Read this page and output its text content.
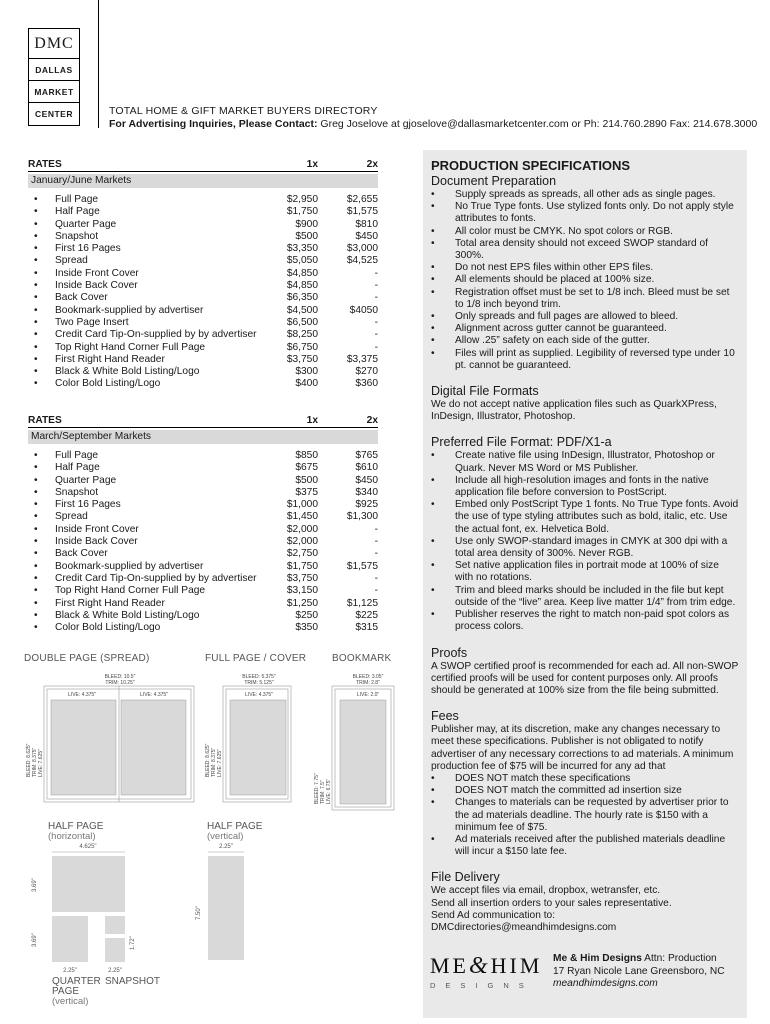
DMC
DALLAS
MARKET
CENTER	TOTAL HOME & GIFT MARKET BUYERS DIRECTORY
For Advertising Inquiries, Please Contact: Greg Joselove at gjoselove@dallasmarketcenter.com or Ph: 214.760.2890 Fax: 214.678.3000
RATES	1x	2x
January/June Markets
•	Full Page	$2,950	$2,655
•	Half Page	$1,750	$1,575
•	Quarter Page	$900	$810
•	Snapshot	$500	$450
•	First 16 Pages	$3,350	$3,000
•	Spread	$5,050	$4,525
•	Inside Front Cover	$4,850	-
•	Inside Back Cover	$4,850	-
•	Back Cover	$6,350	-
•	Bookmark-supplied by advertiser	$4,500	$4050
•	Two Page Insert	$6,500	-
•	Credit Card Tip-On-supplied by by advertiser	$8,250	-
•	Top Right Hand Corner Full Page	$6,750	-
•	First Right Hand Reader	$3,750	$3,375
•	Black & White Bold Listing/Logo	$300	$270
•	Color Bold Listing/Logo	$400	$360
RATES	1x	2x
March/September Markets
•	Full Page	$850	$765
•	Half Page	$675	$610
•	Quarter Page	$500	$450
•	Snapshot	$375	$340
•	First 16 Pages	$1,000	$925
•	Spread	$1,450	$1,300
•	Inside Front Cover	$2,000	-
•	Inside Back Cover	$2,000	-
•	Back Cover	$2,750	-
•	Bookmark-supplied by advertiser	$1,750	$1,575
•	Credit Card Tip-On-supplied by by advertiser	$3,750	-
•	Top Right Hand Corner Full Page	$3,150	-
•	First Right Hand Reader	$1,250	$1,125
•	Black & White Bold Listing/Logo	$250	$225
•	Color Bold Listing/Logo	$350	$315
DOUBLE PAGE (SPREAD)	FULL PAGE / COVER	BOOKMARK
BLEED: 10.5"
TRIM: 10.25"
LIVE: 4.375"	LIVE: 4.375"
BLEED: 8.625" TRIM: 8.375" LIVE: 7.625"
BLEED: 5.375"
TRIM: 5.125"
LIVE: 4.375"
BLEED: 8.625" TRIM: 8.375" LIVE: 7.625"
BLEED: 3.05"
TRIM: 2.8"
LIVE: 2.0"
BLEED: 7.75" TRIM: 7.5" LIVE: 6.75"
HALF PAGE
(horizontal)
HALF PAGE
(vertical)
4.625"
3.69"
3.69"	1.72"
2.25"	2.25"
2.25"
7.50"
QUARTER
PAGE
(vertical)
SNAPSHOT
PRODUCTION SPECIFICATIONS
Document Preparation
• Supply spreads as spreads, all other ads as single pages.
• No True Type fonts. Use stylized fonts only. Do not apply style attributes to fonts.
• All color must be CMYK. No spot colors or RGB.
• Total area density should not exceed SWOP standard of 300%.
• Do not nest EPS files within other EPS files.
• All elements should be placed at 100% size.
• Registration offset must be set to 1/8 inch. Bleed must be set to 1/8 inch beyond trim.
• Only spreads and full pages are allowed to bleed.
• Alignment across gutter cannot be guaranteed.
• Allow .25” safety on each side of the gutter.
• Files will print as supplied. Legibility of reversed type under 10 pt. cannot be guaranteed.
Digital File Formats

We do not accept native application files such as QuarkXPress, InDesign, Illustrator, Photoshop.

Preferred File Format: PDF/X1-a
• Create native file using InDesign, Illustrator, Photoshop or Quark. Never MS Word or MS Publisher.
• Include all high-resolution images and fonts in the native application file before conversion to PostScript.
• Embed only PostScript Type 1 fonts. No True Type fonts. Avoid the use of type styling attributes such as bold, italic, etc. Use the actual font, ex. Helvetica Bold.
• Use only SWOP-standard images in CMYK at 300 dpi with a total area density of 300%. Never RGB.
• Set native application files in portrait mode at 100% of size with no rotations.
• Trim and bleed marks should be included in the file but kept outside of the “live” area. Keep live matter 1/4” from trim edge.
• Publisher reserves the right to match non-paid spot colors as process colors.
Proofs

A SWOP certified proof is recommended for each ad. All non-SWOP certified proofs will be used for content purposes only. All proofs should be generated at 100% size from the file being submitted.

Fees

Publisher may, at its discretion, make any changes necessary to meet these specifications. Publisher is not obligated to notify advertiser of any necessary corrections to ad materials. A minimum production fee of $75 will be incurred for any ad that

• DOES NOT match these specifications
• DOES NOT match the committed ad insertion size
• Changes to materials can be requested by advertiser prior to the ad materials deadline. The hourly rate is $150 with a minimum fee of $75.
• Ad materials received after the published materials deadline will incur a $150 late fee.
File Delivery

We accept files via email, dropbox, wetransfer, etc.

Send all insertion orders to your sales representative.

Send Ad communication to: DMCdirectories@meandhimdesigns.com

ME&HIM
DESIGNS
Me & Him Designs Attn: Production
17 Ryan Nicole Lane Greensboro, NC
meandhimdesigns.com
